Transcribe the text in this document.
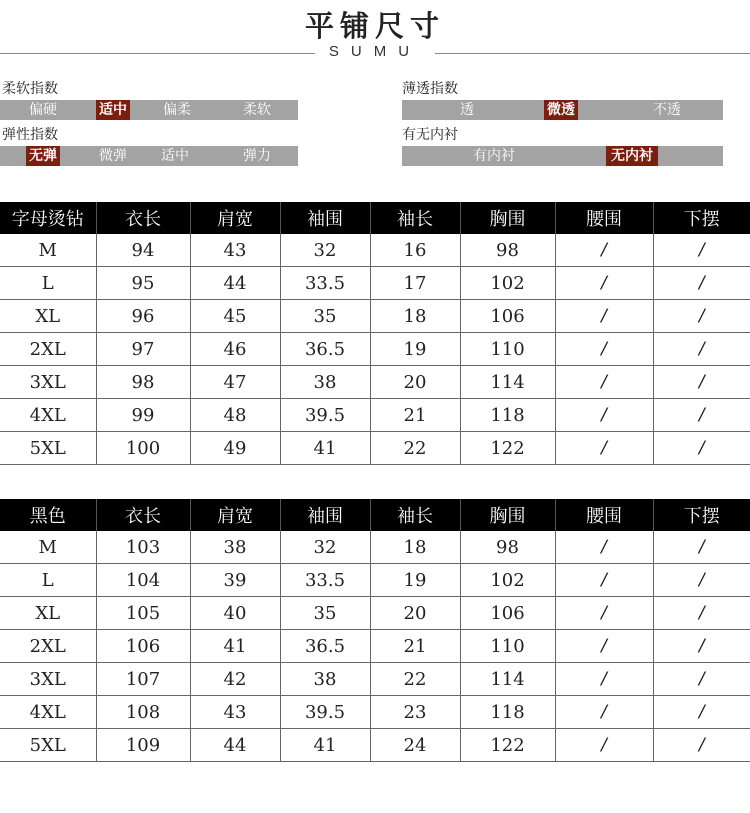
平铺尺寸
SUMU
柔软指数
偏硬	适中	偏柔	柔软
薄透指数
透	微透	不透
弹性指数
无弹	微弹	适中	弹力
有无内衬
有内衬	无内衬
字母烫钻	衣长	肩宽	袖围	袖长	胸围	腰围	下摆
M	94	43	32	16	98	/	/
L	95	44	33.5	17	102	/	/
XL	96	45	35	18	106	/	/
2XL	97	46	36.5	19	110	/	/
3XL	98	47	38	20	114	/	/
4XL	99	48	39.5	21	118	/	/
5XL	100	49	41	22	122	/	/
黑色	衣长	肩宽	袖围	袖长	胸围	腰围	下摆
M	103	38	32	18	98	/	/
L	104	39	33.5	19	102	/	/
XL	105	40	35	20	106	/	/
2XL	106	41	36.5	21	110	/	/
3XL	107	42	38	22	114	/	/
4XL	108	43	39.5	23	118	/	/
5XL	109	44	41	24	122	/	/
